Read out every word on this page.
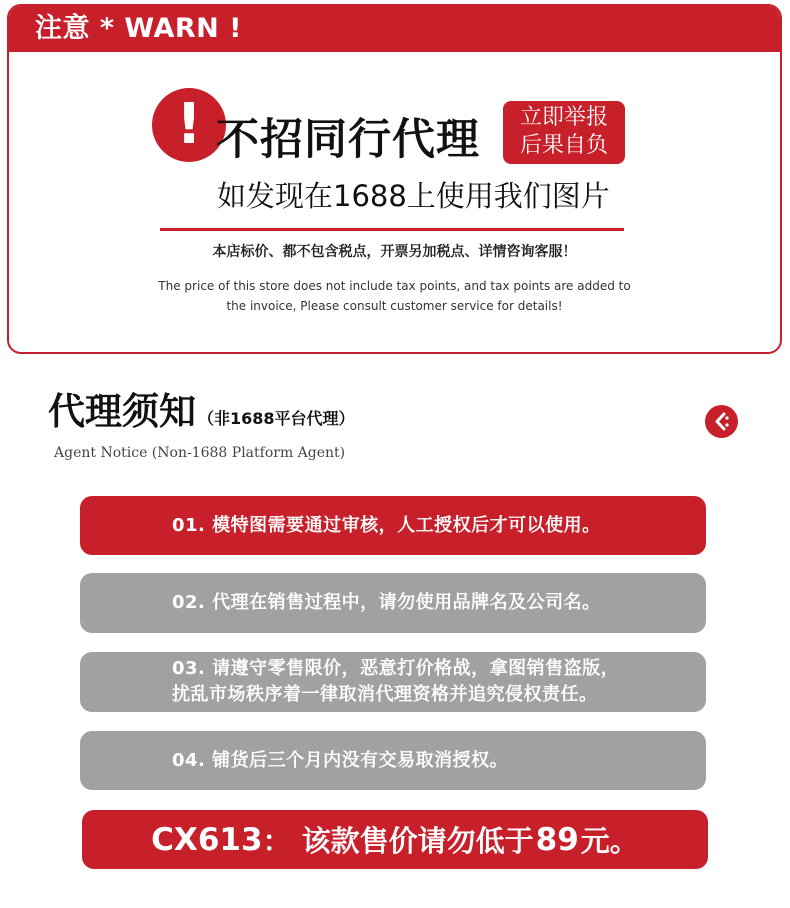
注意 * WARN !
! 不招同行代理	立即举报
后果自负
如发现在1688上使用我们图片
本店标价、都不包含税点，开票另加税点、详情咨询客服！
The price of this store does not include tax points, and tax points are added to
the invoice, Please consult customer service for details!
代理须知 （非1688平台代理）
Agent Notice (Non-1688 Platform Agent)
01. 模特图需要通过审核，人工授权后才可以使用。
02. 代理在销售过程中，请勿使用品牌名及公司名。
03. 请遵守零售限价，恶意打价格战，拿图销售盗版，
扰乱市场秩序着一律取消代理资格并追究侵权责任。
04. 铺货后三个月内没有交易取消授权。
CX613 ： 该款售价请勿低于 89 元。
